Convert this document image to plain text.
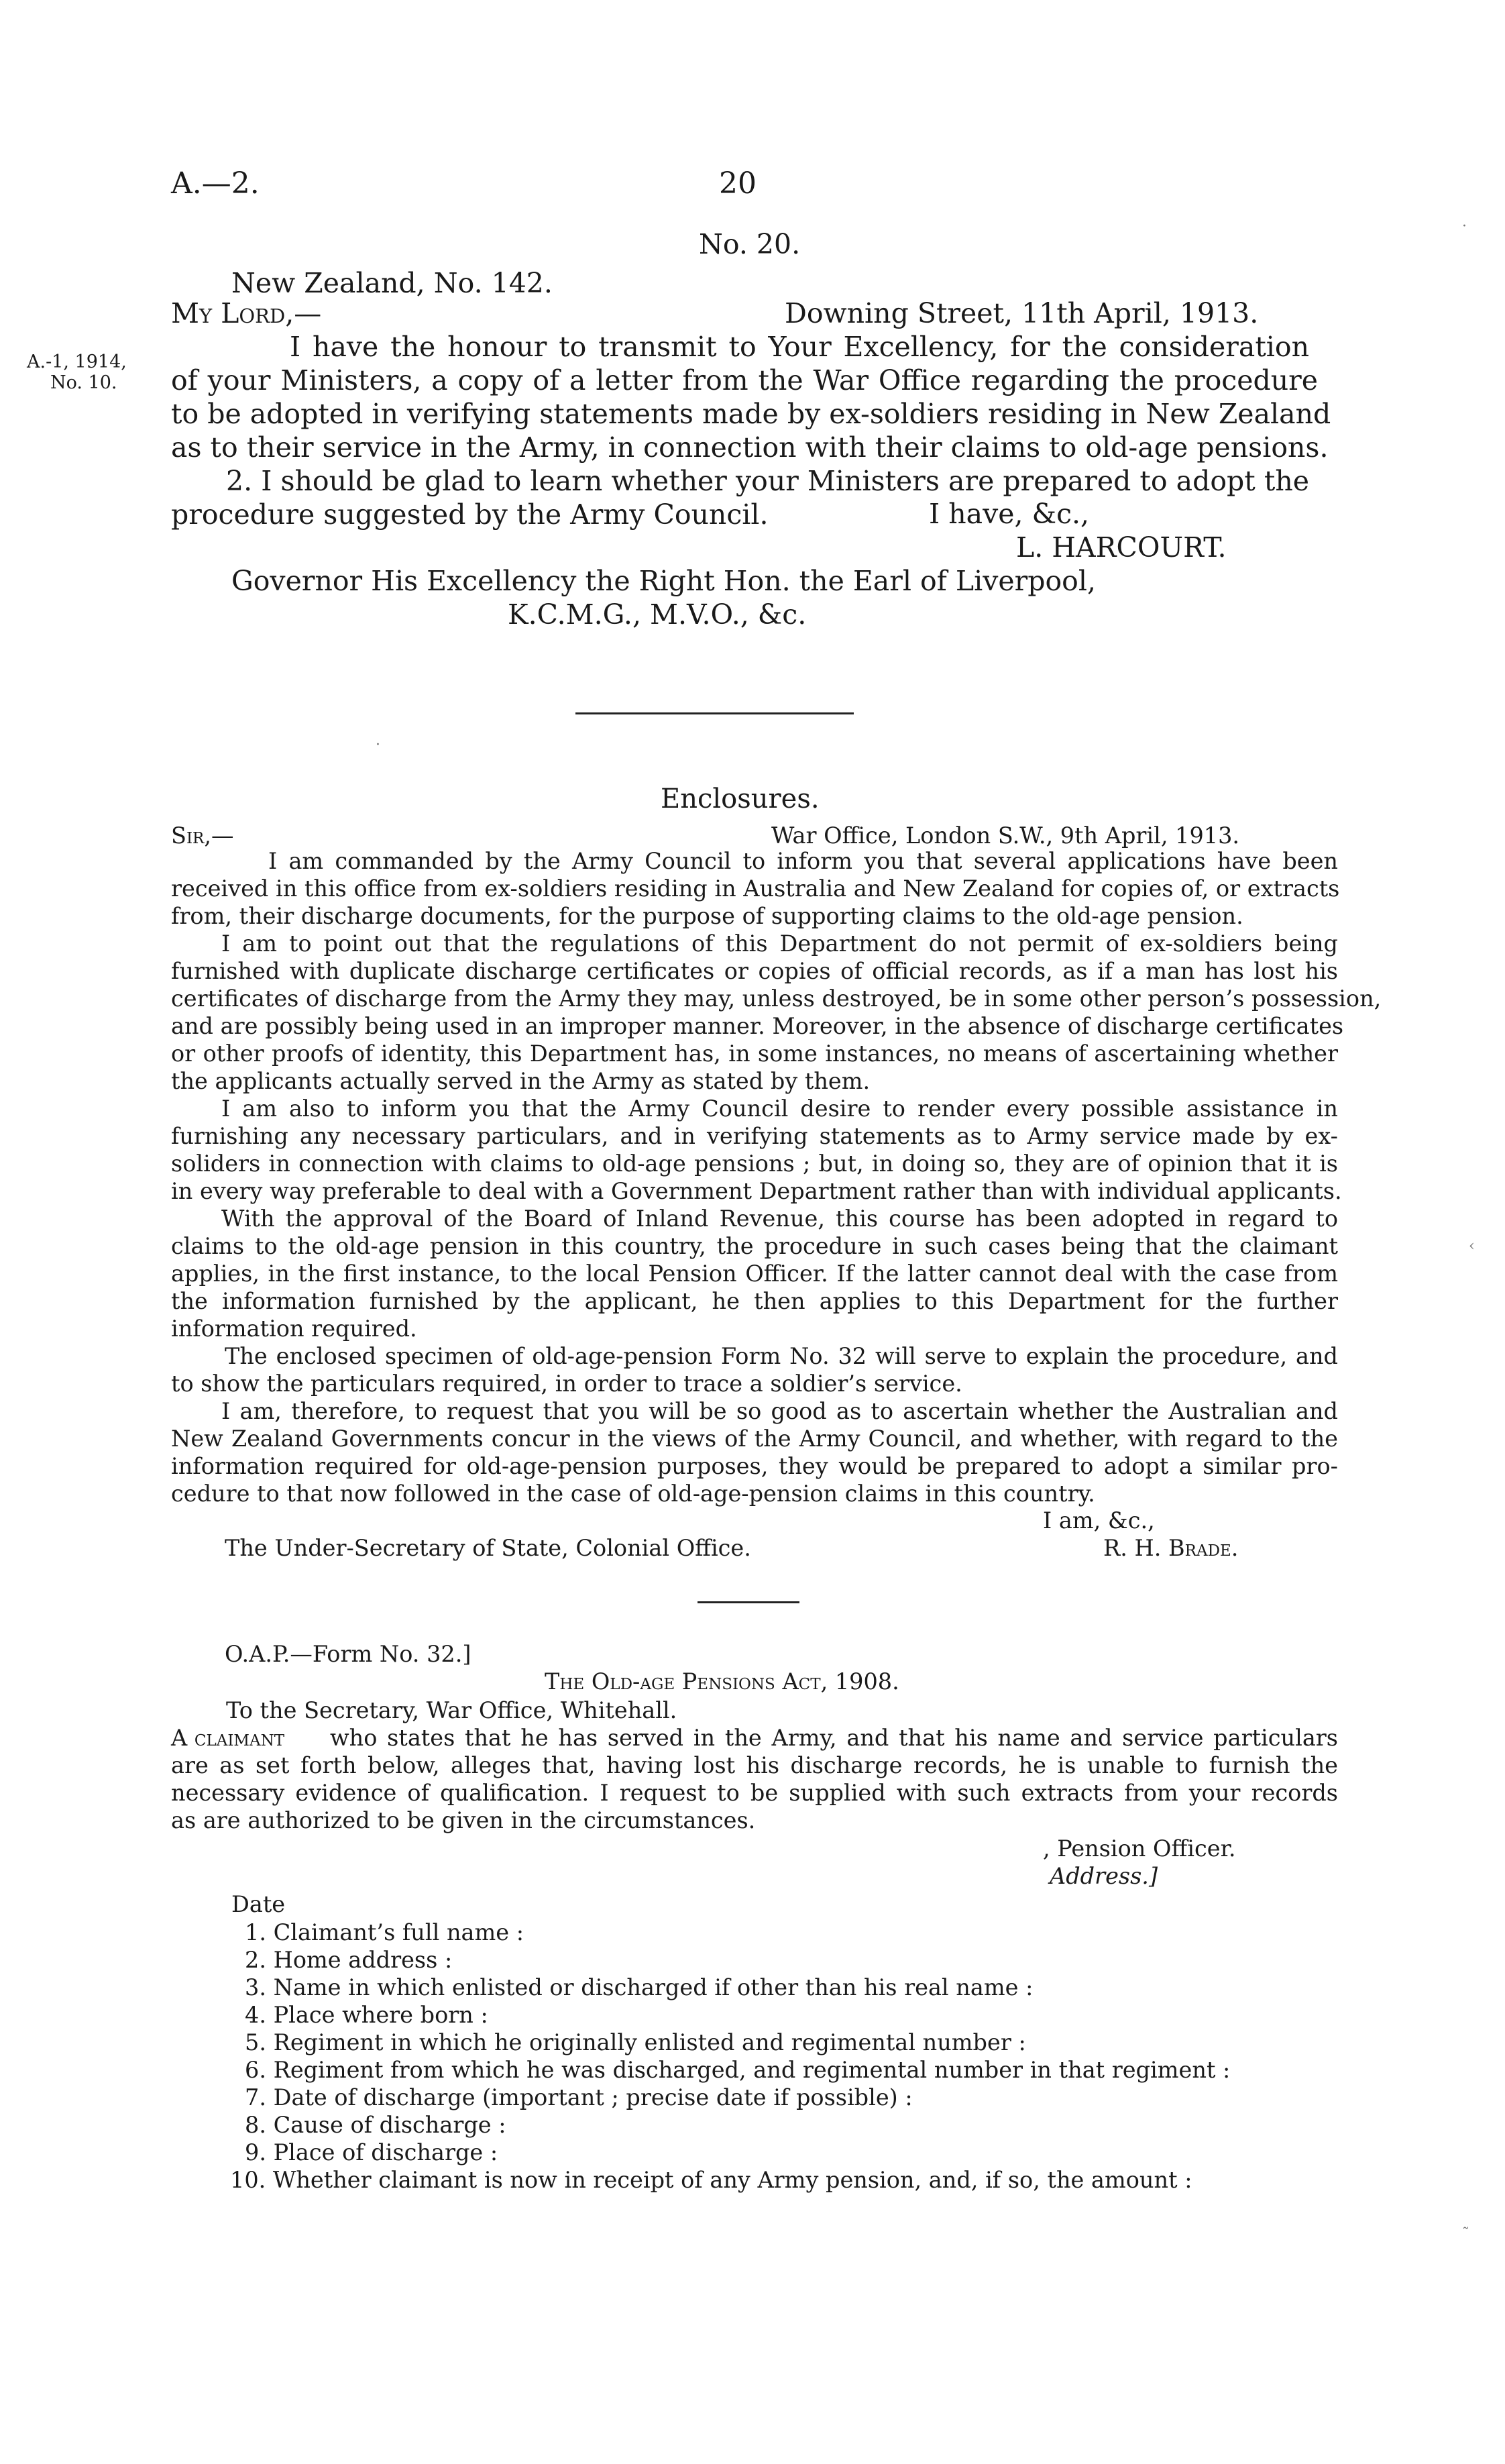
A.—2.	20
No. 20.
New Zealand, No. 142.
My Lord,—	Downing Street, 11th April, 1913.
A.-1, 1914,
No. 10.
I have the honour to transmit to Your Excellency, for the consideration
of your Ministers, a copy of a letter from the War Office regarding the procedure
to be adopted in verifying statements made by ex-soldiers residing in New Zealand
as to their service in the Army, in connection with their claims to old-age pensions.
2. I should be glad to learn whether your Ministers are prepared to adopt the
procedure suggested by the Army Council.	I have, &c.,
L. HARCOURT.
Governor His Excellency the Right Hon. the Earl of Liverpool,
K.C.M.G., M.V.O., &c.
Enclosures.
Sir,—	War Office, London S.W., 9th April, 1913.
I am commanded by the Army Council to inform you that several applications have been
received in this office from ex-soldiers residing in Australia and New Zealand for copies of, or extracts
from, their discharge documents, for the purpose of supporting claims to the old-age pension.
I am to point out that the regulations of this Department do not permit of ex-soldiers being
furnished with duplicate discharge certificates or copies of official records, as if a man has lost his
certificates of discharge from the Army they may, unless destroyed, be in some other person’s possession,
and are possibly being used in an improper manner. Moreover, in the absence of discharge certificates
or other proofs of identity, this Department has, in some instances, no means of ascertaining whether
the applicants actually served in the Army as stated by them.
I am also to inform you that the Army Council desire to render every possible assistance in
furnishing any necessary particulars, and in verifying statements as to Army service made by ex-
soliders in connection with claims to old-age pensions ; but, in doing so, they are of opinion that it is
in every way preferable to deal with a Government Department rather than with individual applicants.
With the approval of the Board of Inland Revenue, this course has been adopted in regard to
claims to the old-age pension in this country, the procedure in such cases being that the claimant
applies, in the first instance, to the local Pension Officer. If the latter cannot deal with the case from
the information furnished by the applicant, he then applies to this Department for the further
information required.
The enclosed specimen of old-age-pension Form No. 32 will serve to explain the procedure, and
to show the particulars required, in order to trace a soldier’s service.
I am, therefore, to request that you will be so good as to ascertain whether the Australian and
New Zealand Governments concur in the views of the Army Council, and whether, with regard to the
information required for old-age-pension purposes, they would be prepared to adopt a similar pro-
cedure to that now followed in the case of old-age-pension claims in this country.
I am, &c.,
The Under-Secretary of State, Colonial Office.	R. H. Brade.
O.A.P.—Form No. 32.]
The Old-age Pensions Act, 1908.
To the Secretary, War Office, Whitehall.
A claimant who states that he has served in the Army, and that his name and service particulars
are as set forth below, alleges that, having lost his discharge records, he is unable to furnish the
necessary evidence of qualification. I request to be supplied with such extracts from your records
as are authorized to be given in the circumstances.
, Pension Officer.
Address.]
Date
1. Claimant’s full name :
2. Home address :
3. Name in which enlisted or discharged if other than his real name :
4. Place where born :
5. Regiment in which he originally enlisted and regimental number :
6. Regiment from which he was discharged, and regimental number in that regiment :
7. Date of discharge (important ; precise date if possible) :
8. Cause of discharge :
9. Place of discharge :
10. Whether claimant is now in receipt of any Army pension, and, if so, the amount :
·
‹
˜
·
